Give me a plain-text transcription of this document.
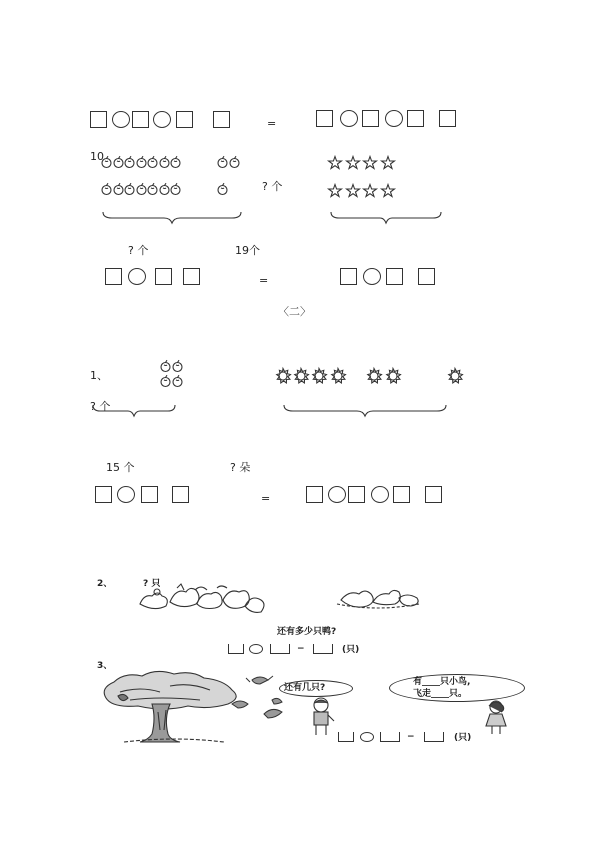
=
10
? 个
? 个	19个
=
〈二〉
1、
? 个
15 个	? 朵
=
2、	? 只
还有多少只鸭?
−	(只)
3、
还有几只?
有____只小鸟,
飞走____只。
−	(只)
